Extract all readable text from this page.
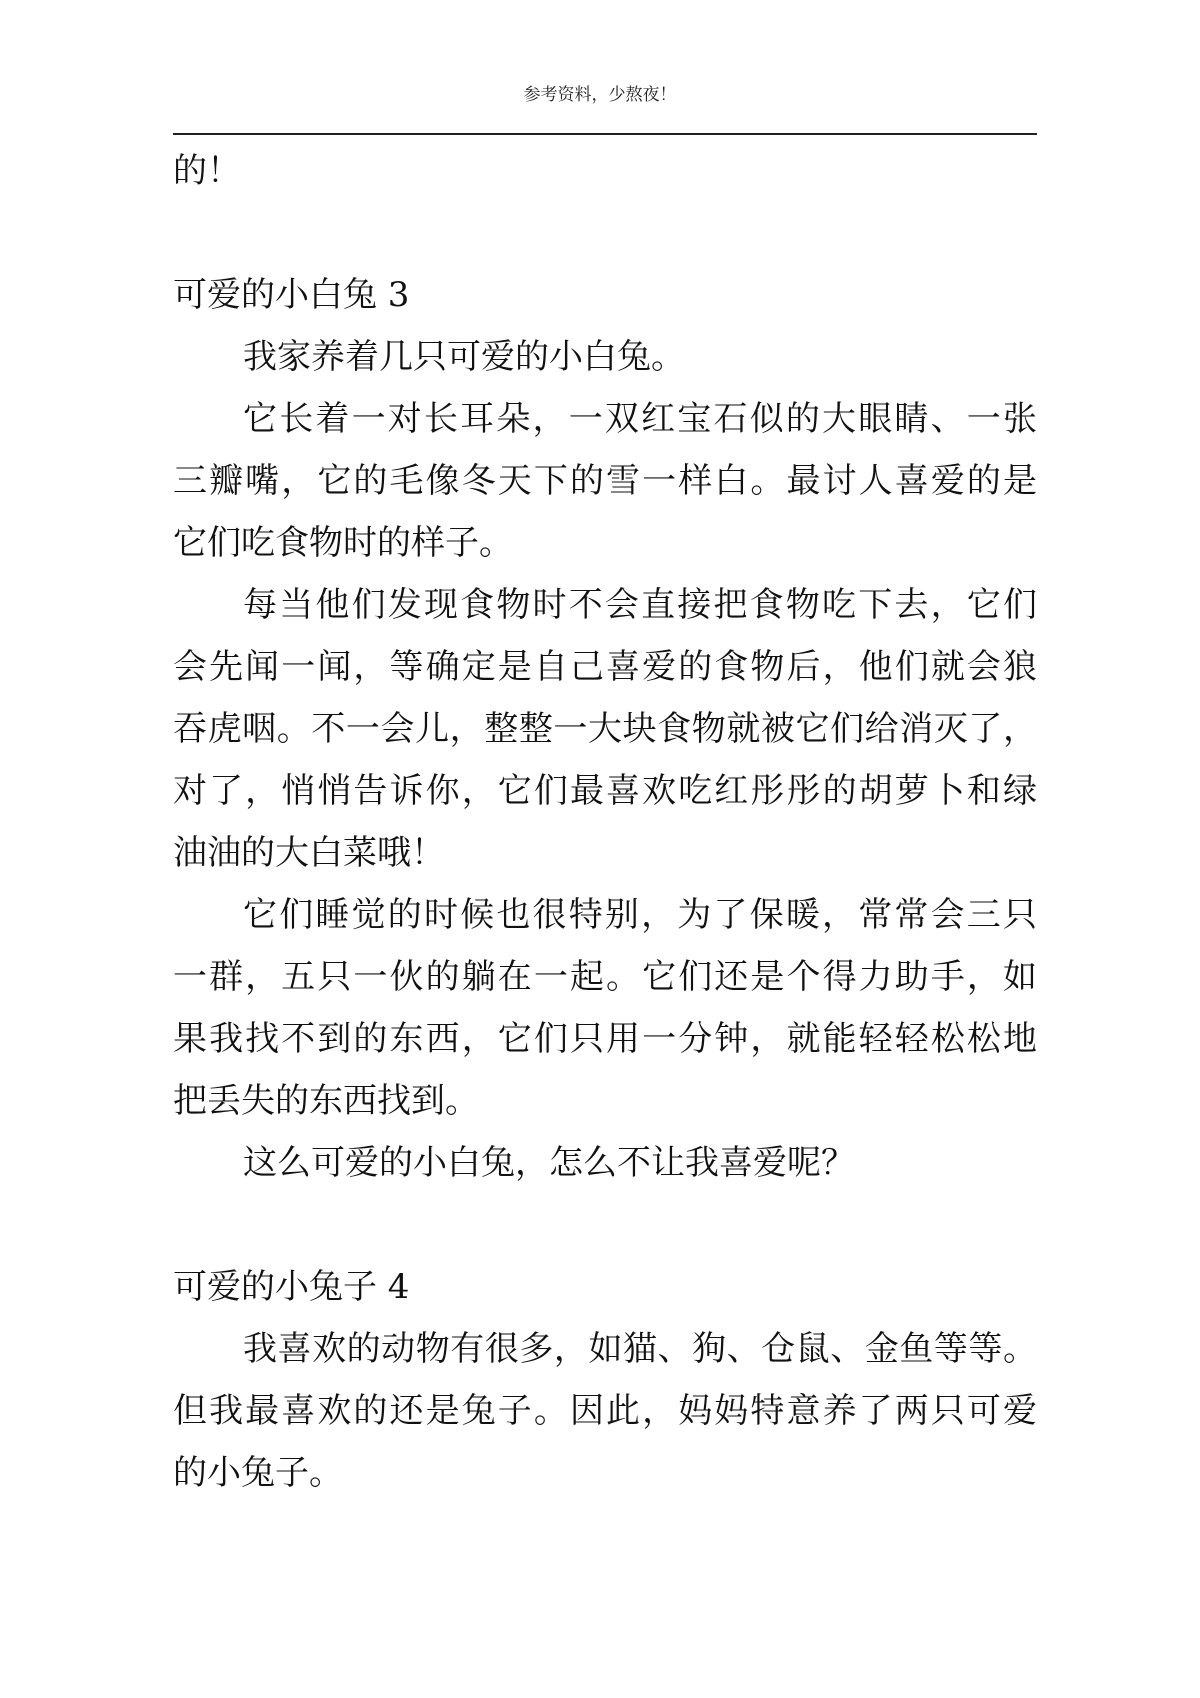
参考资料，少熬夜！
的！
可爱的小白兔 3
我家养着几只可爱的小白兔。
它长着一对长耳朵，一双红宝石似的大眼睛、一张
三瓣嘴，它的毛像冬天下的雪一样白。最讨人喜爱的是
它们吃食物时的样子。
每当他们发现食物时不会直接把食物吃下去，它们
会先闻一闻，等确定是自己喜爱的食物后，他们就会狼
吞虎咽。不一会儿，整整一大块食物就被它们给消灭了，
对了，悄悄告诉你，它们最喜欢吃红彤彤的胡萝卜和绿
油油的大白菜哦！
它们睡觉的时候也很特别，为了保暖，常常会三只
一群，五只一伙的躺在一起。它们还是个得力助手，如
果我找不到的东西，它们只用一分钟，就能轻轻松松地
把丢失的东西找到。
这么可爱的小白兔，怎么不让我喜爱呢？
可爱的小兔子 4
我喜欢的动物有很多，如猫、狗、仓鼠、金鱼等等。
但我最喜欢的还是兔子。因此，妈妈特意养了两只可爱
的小兔子。
